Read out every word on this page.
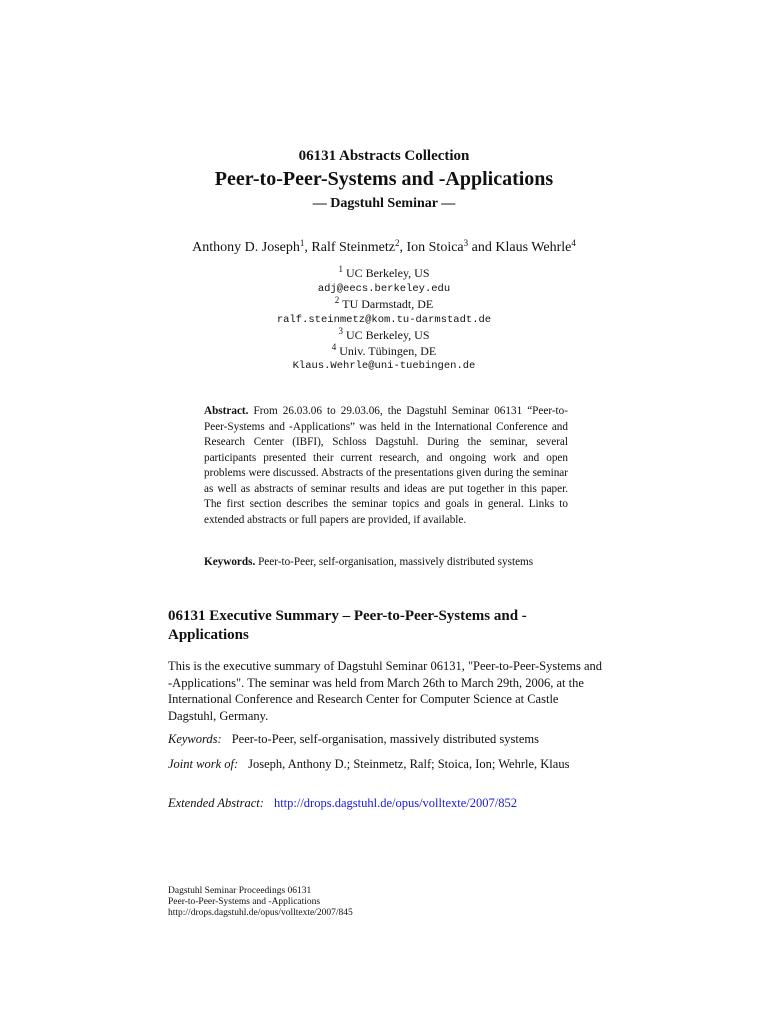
06131 Abstracts Collection
Peer-to-Peer-Systems and -Applications
— Dagstuhl Seminar —
Anthony D. Joseph$^1$, Ralf Steinmetz$^2$, Ion Stoica$^3$ and Klaus Wehrle$^4$
$^1$ UC Berkeley, US
adj@eecs.berkeley.edu
$^2$ TU Darmstadt, DE
ralf.steinmetz@kom.tu-darmstadt.de
$^3$ UC Berkeley, US
$^4$ Univ. Tübingen, DE
Klaus.Wehrle@uni-tuebingen.de
Abstract. From 26.03.06 to 29.03.06, the Dagstuhl Seminar 06131 “Peer-to-Peer-Systems and -Applications” was held in the International Conference and Research Center (IBFI), Schloss Dagstuhl. During the seminar, several participants presented their current research, and ongoing work and open problems were discussed. Abstracts of the presentations given during the seminar as well as abstracts of seminar results and ideas are put together in this paper. The first section describes the seminar topics and goals in general. Links to extended abstracts or full papers are provided, if available.
Keywords. Peer-to-Peer, self-organisation, massively distributed systems
06131 Executive Summary – Peer-to-Peer-Systems and -Applications
This is the executive summary of Dagstuhl Seminar 06131, "Peer-to-Peer-Systems and -Applications". The seminar was held from March 26th to March 29th, 2006, at the International Conference and Research Center for Computer Science at Castle Dagstuhl, Germany.
Keywords: Peer-to-Peer, self-organisation, massively distributed systems
Joint work of: Joseph, Anthony D.; Steinmetz, Ralf; Stoica, Ion; Wehrle, Klaus
Extended Abstract: http://drops.dagstuhl.de/opus/volltexte/2007/852
Dagstuhl Seminar Proceedings 06131
Peer-to-Peer-Systems and -Applications
http://drops.dagstuhl.de/opus/volltexte/2007/845
